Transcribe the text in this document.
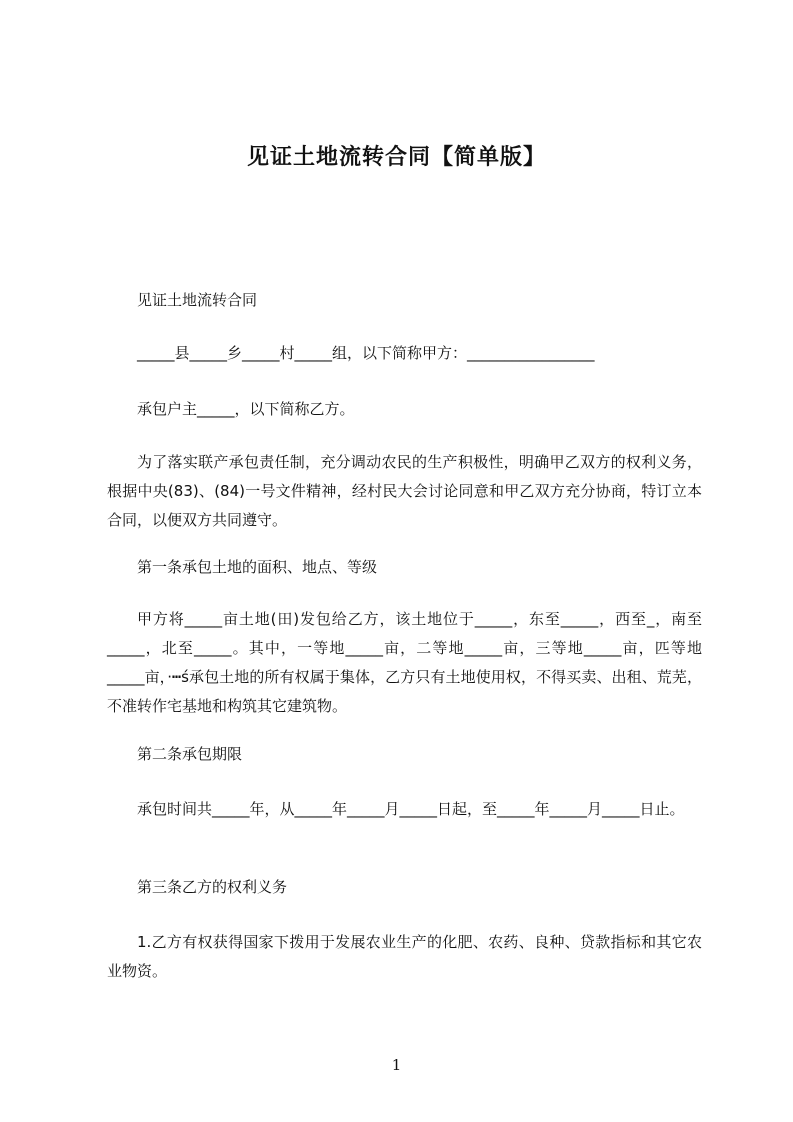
见证土地流转合同【简单版】

见证土地流转合同

_____县_____乡_____村_____组，以下简称甲方：_________________

承包户主_____，以下简称乙方。

为了落实联产承包责任制，充分调动农民的生产积极性，明确甲乙双方的权利义务，根据中央(83)、(84)一号文件精神，经村民大会讨论同意和甲乙双方充分协商，特订立本合同，以便双方共同遵守。

第一条承包土地的面积、地点、等级

甲方将_____亩土地(田)发包给乙方，该土地位于_____，东至_____，西至_，南至_____，北至_____。其中，一等地_____亩，二等地_____亩，三等地_____亩，匹等地_____亩，·┅ś承包土地的所有权属于集体，乙方只有土地使用权，不得买卖、出租、荒芜，不准转作宅基地和构筑其它建筑物。

第二条承包期限

承包时间共_____年，从_____年_____月_____日起，至_____年_____月_____日止。

第三条乙方的权利义务

1.乙方有权获得国家下拨用于发展农业生产的化肥、农药、良种、贷款指标和其它农业物资。

1
